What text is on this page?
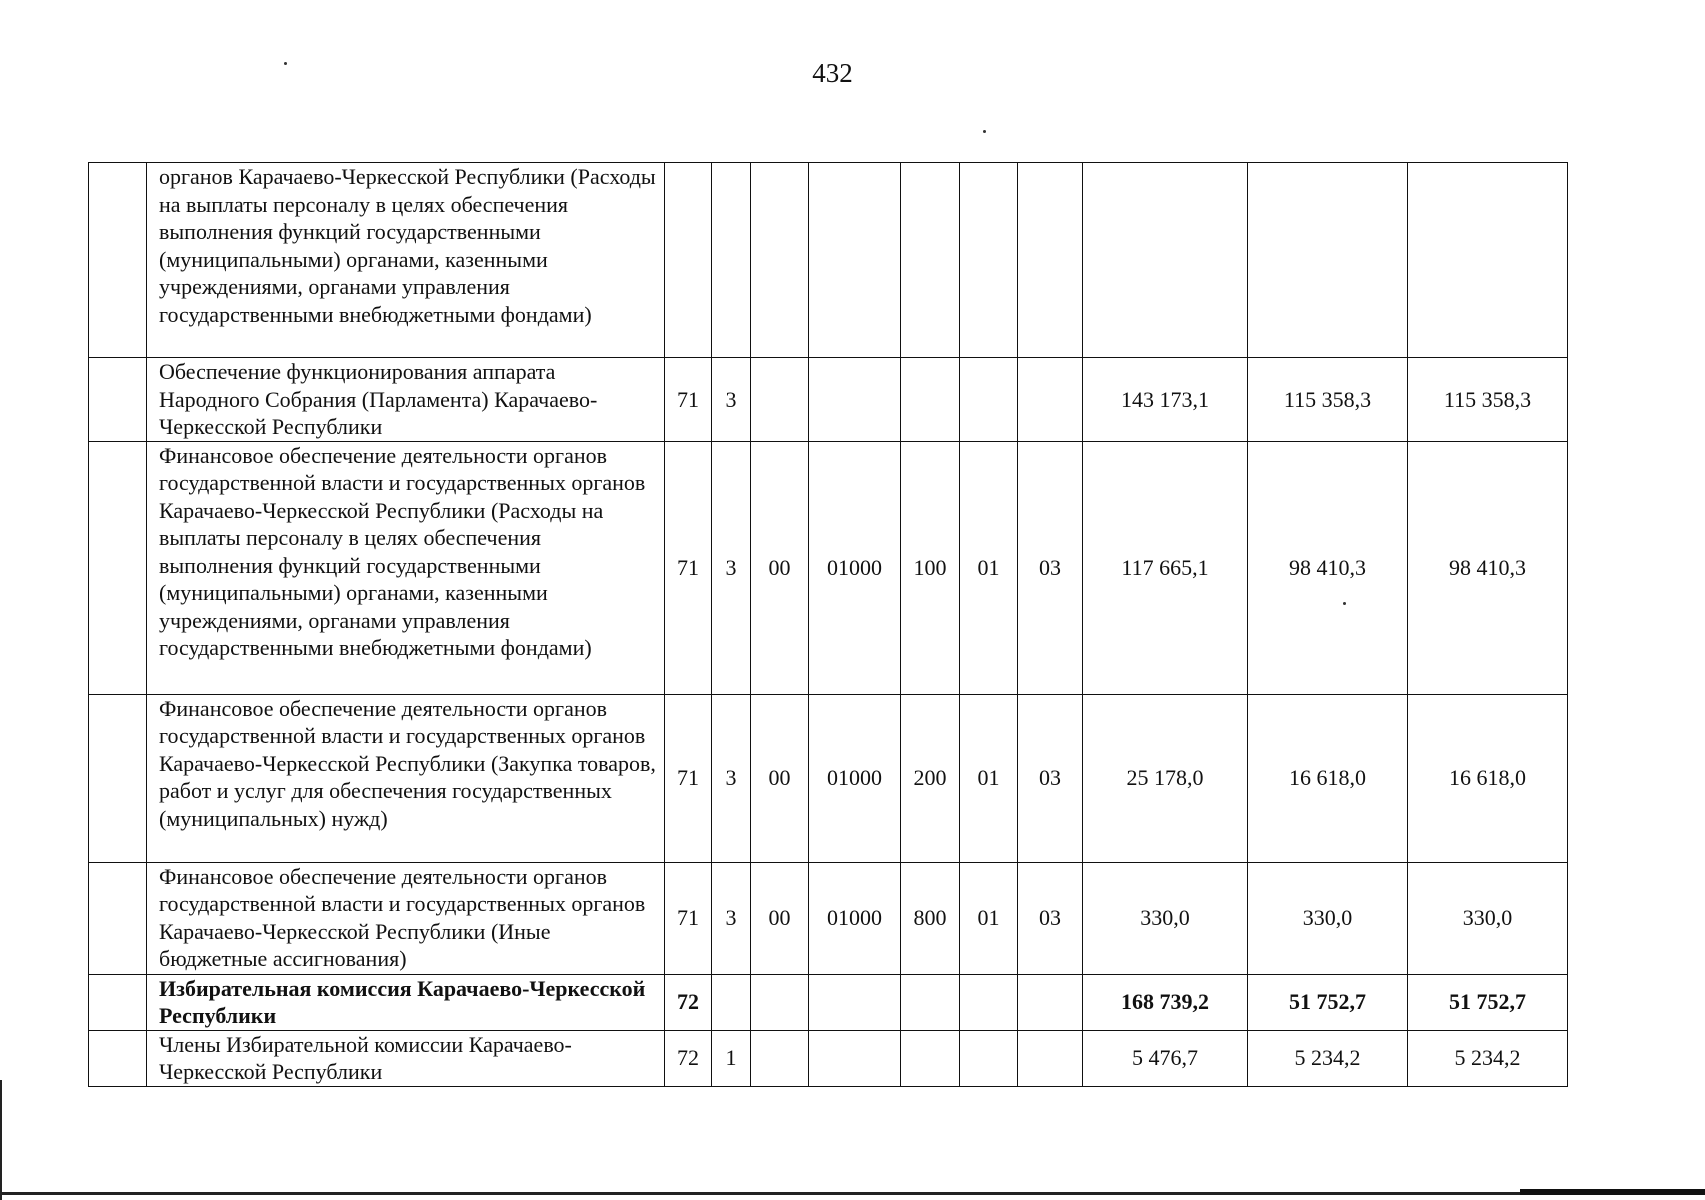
432
	органов Карачаево-Черкесской Республики (Расходы на выплаты персоналу в целях обеспечения выполнения функций государственными (муниципальными) органами, казенными учреждениями, органами управления государственными внебюджетными фондами)										
	Обеспечение функционирования аппарата Народного Собрания (Парламента) Карачаево-Черкесской Республики	71	3						143 173,1	115 358,3	115 358,3
	Финансовое обеспечение деятельности органов государственной власти и государственных органов Карачаево-Черкесской Республики (Расходы на выплаты персоналу в целях обеспечения выполнения функций государственными (муниципальными) органами, казенными учреждениями, органами управления государственными внебюджетными фондами)	71	3	00	01000	100	01	03	117 665,1	98 410,3	98 410,3
	Финансовое обеспечение деятельности органов государственной власти и государственных органов Карачаево-Черкесской Республики (Закупка товаров, работ и услуг для обеспечения государственных (муниципальных) нужд)	71	3	00	01000	200	01	03	25 178,0	16 618,0	16 618,0
	Финансовое обеспечение деятельности органов государственной власти и государственных органов Карачаево-Черкесской Республики (Иные бюджетные ассигнования)	71	3	00	01000	800	01	03	330,0	330,0	330,0
	Избирательная комиссия Карачаево-Черкесской Республики	72							168 739,2	51 752,7	51 752,7
	Члены Избирательной комиссии Карачаево-Черкесской Республики	72	1						5 476,7	5 234,2	5 234,2
